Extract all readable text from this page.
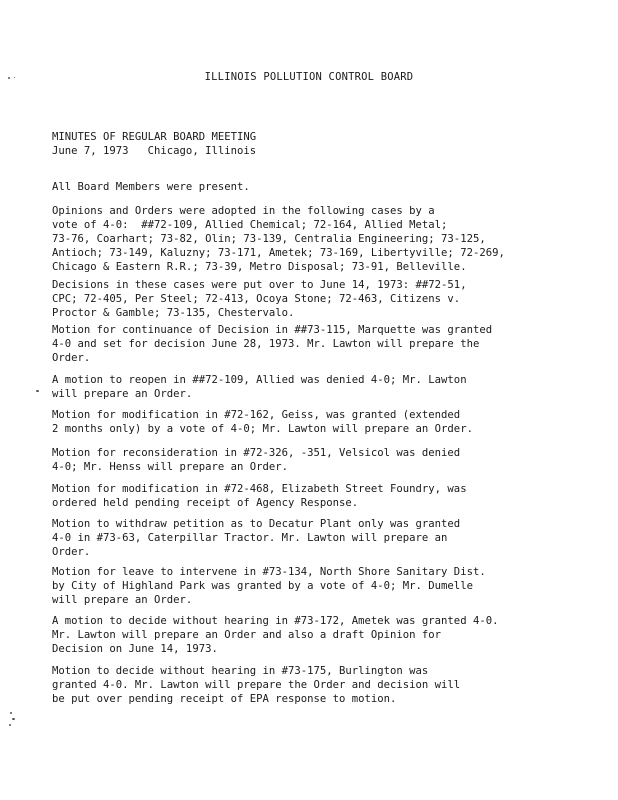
ILLINOIS POLLUTION CONTROL BOARD
MINUTES OF REGULAR BOARD MEETING
June 7, 1973   Chicago, Illinois
All Board Members were present.
Opinions and Orders were adopted in the following cases by a
vote of 4-0:  ##72-109, Allied Chemical; 72-164, Allied Metal;
73-76, Coarhart; 73-82, Olin; 73-139, Centralia Engineering; 73-125,
Antioch; 73-149, Kaluzny; 73-171, Ametek; 73-169, Libertyville; 72-269,
Chicago & Eastern R.R.; 73-39, Metro Disposal; 73-91, Belleville.
Decisions in these cases were put over to June 14, 1973: ##72-51,
CPC; 72-405, Per Steel; 72-413, Ocoya Stone; 72-463, Citizens v.
Proctor & Gamble; 73-135, Chestervalo.
Motion for continuance of Decision in ##73-115, Marquette was granted
4-0 and set for decision June 28, 1973. Mr. Lawton will prepare the
Order.
A motion to reopen in ##72-109, Allied was denied 4-0; Mr. Lawton
will prepare an Order.
Motion for modification in #72-162, Geiss, was granted (extended
2 months only) by a vote of 4-0; Mr. Lawton will prepare an Order.
Motion for reconsideration in #72-326, -351, Velsicol was denied
4-0; Mr. Henss will prepare an Order.
Motion for modification in #72-468, Elizabeth Street Foundry, was
ordered held pending receipt of Agency Response.
Motion to withdraw petition as to Decatur Plant only was granted
4-0 in #73-63, Caterpillar Tractor. Mr. Lawton will prepare an
Order.
Motion for leave to intervene in #73-134, North Shore Sanitary Dist.
by City of Highland Park was granted by a vote of 4-0; Mr. Dumelle
will prepare an Order.
A motion to decide without hearing in #73-172, Ametek was granted 4-0.
Mr. Lawton will prepare an Order and also a draft Opinion for
Decision on June 14, 1973.
Motion to decide without hearing in #73-175, Burlington was
granted 4-0. Mr. Lawton will prepare the Order and decision will
be put over pending receipt of EPA response to motion.
